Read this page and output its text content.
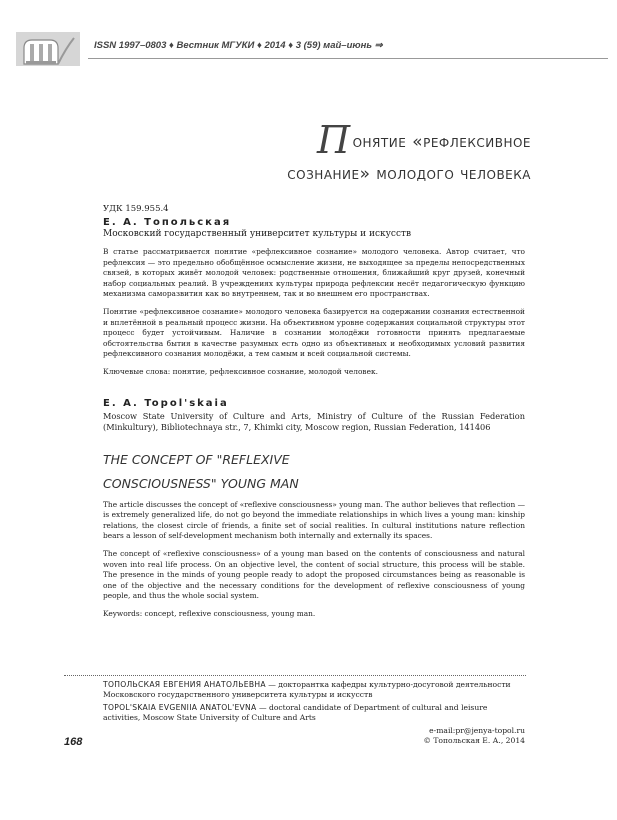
ISSN 1997–0803 ♦ Вестник МГУКИ ♦ 2014 ♦ 3 (59) май–июнь ⇒
Понятие «рефлексивное
сознание» молодого человека
УДК 159.955.4
Е. А. Топольская
Московский государственный университет культуры и искусств

В статье рассматривается понятие «рефлексивное сознание» молодого человека. Автор считает, что рефлексия — это предельно обобщённое осмысление жизни, не выходящее за пределы непосредственных связей, в которых живёт молодой человек: родственные отношения, ближайший круг друзей, конечный набор социальных реалий. В учреждениях культуры природа рефлексии несёт педагогическую функцию механизма саморазвития как во внутреннем, так и во внешнем его пространствах.

Понятие «рефлексивное сознание» молодого человека базируется на содержании сознания естественной и вплетённой в реальный процесс жизни. На объективном уровне содержания социальной структуры этот процесс будет устойчивым. Наличие в сознании молодёжи готовности принять предлагаемые обстоятельства бытия в качестве разумных есть одно из объективных и необходимых условий развития рефлексивного сознания молодёжи, а тем самым и всей социальной системы.

Ключевые слова: понятие, рефлексивное сознание, молодой человек.

E. A. Topol'skaia
Moscow State University of Culture and Arts, Ministry of Culture of the Russian Federation (Minkultury), Bibliotechnaya str., 7, Khimki city, Moscow region, Russian Federation, 141406
THE CONCEPT OF "REFLEXIVE
CONSCIOUSNESS" YOUNG MAN

The article discusses the concept of «reflexive consciousness» young man. The author believes that reflection — is extremely generalized life, do not go beyond the immediate relationships in which lives a young man: kinship relations, the closest circle of friends, a finite set of social realities. In cultural institutions nature reflection bears a lesson of self-development mechanism both internally and externally its spaces.

The concept of «reflexive consciousness» of a young man based on the contents of consciousness and natural woven into real life process. On an objective level, the content of social structure, this process will be stable. The presence in the minds of young people ready to adopt the proposed circumstances being as reasonable is one of the objective and the necessary conditions for the development of reflexive consciousness of young people, and thus the whole social system.

Keywords: concept, reflexive consciousness, young man.

ТОПОЛЬСКАЯ ЕВГЕНИЯ АНАТОЛЬЕВНА — докторантка кафедры культурно-досуговой деятельности Московского государственного университета культуры и искусств
TOPOL'SKAIA EVGENIIA ANATOL'EVNA — doctoral candidate of Department of cultural and leisure activities, Moscow State University of Culture and Arts
e-mail:pr@jenya-topol.ru
© Топольская Е. А., 2014
168
